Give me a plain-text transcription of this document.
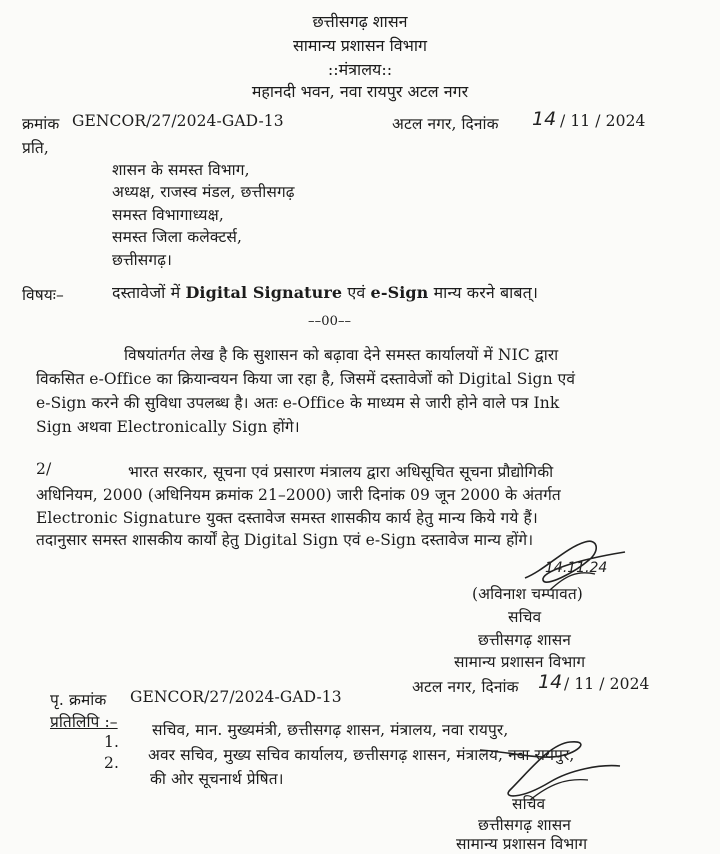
छत्तीसगढ़ शासन
सामान्य प्रशासन विभाग
::मंत्रालय::
महानदी भवन, नवा रायपुर अटल नगर
क्रमांक GENCOR/27/2024-GAD-13	अटल नगर, दिनांक 14 / 11 / 2024
प्रति,
शासन के समस्त विभाग,
अध्यक्ष, राजस्व मंडल, छत्तीसगढ़
समस्त विभागाध्यक्ष,
समस्त जिला कलेक्टर्स,
छत्तीसगढ़।
विषयः–	दस्तावेजों में Digital Signature एवं e-Sign मान्य करने बाबत्।
––00––
विषयांतर्गत लेख है कि सुशासन को बढ़ावा देने समस्त कार्यालयों में NIC द्वारा
विकसित e-Office का क्रियान्वयन किया जा रहा है, जिसमें दस्तावेजों को Digital Sign एवं
e-Sign करने की सुविधा उपलब्ध है। अतः e-Office के माध्यम से जारी होने वाले पत्र Ink
Sign अथवा Electronically Sign होंगे।
2/	भारत सरकार, सूचना एवं प्रसारण मंत्रालय द्वारा अधिसूचित सूचना प्रौद्योगिकी
अधिनियम, 2000 (अधिनियम क्रमांक 21–2000) जारी दिनांक 09 जून 2000 के अंतर्गत
Electronic Signature युक्त दस्तावेज समस्त शासकीय कार्य हेतु मान्य किये गये हैं।
तदानुसार समस्त शासकीय कार्यों हेतु Digital Sign एवं e-Sign दस्तावेज मान्य होंगे।
14.11.24
(अविनाश चम्पावत)
सचिव
छत्तीसगढ़ शासन
सामान्य प्रशासन विभाग
पृ. क्रमांक GENCOR/27/2024-GAD-13
अटल नगर, दिनांक 14 / 11 / 2024
प्रतिलिपि :–
1.
सचिव, मान. मुख्यमंत्री, छत्तीसगढ़ शासन, मंत्रालय, नवा रायपुर,
2. अवर सचिव, मुख्य सचिव कार्यालय, छत्तीसगढ़ शासन, मंत्रालय, नवा रायपुर,
की ओर सूचनार्थ प्रेषित।
सचिव
छत्तीसगढ़ शासन
सामान्य प्रशासन विभाग
